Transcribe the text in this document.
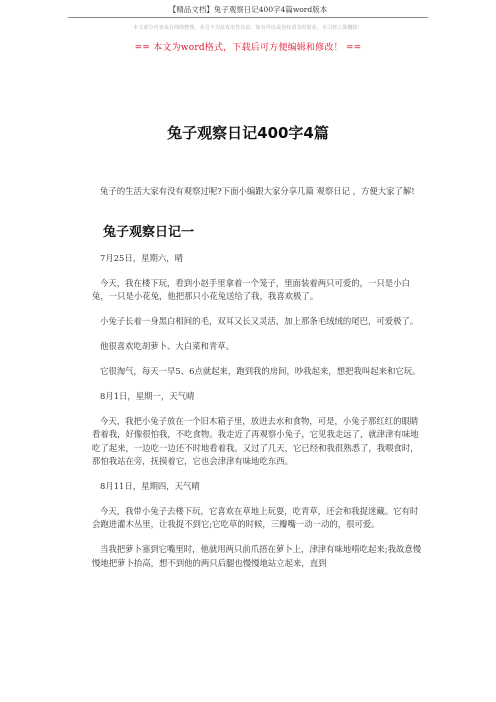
【精品文档】兔子观察日记400字4篇word版本
本文部分内容来自网络整理，本司不为其真实性负责，如有异议或侵权请及时联系，本司将立即删除！
== 本文为word格式，下载后可方便编辑和修改！ ==
兔子观察日记400字4篇
兔子的生活大家有没有观察过呢?下面小编跟大家分享几篇 观察日记 ，方便大家了解!
兔子观察日记一

7月25日，星期六，晴

今天，我在楼下玩，看到小赵手里拿着一个笼子，里面装着两只可爱的，一只是小白兔，一只是小花兔，他把那只小花兔送给了我，我喜欢极了。

小兔子长着一身黑白相间的毛，双耳又长又灵活，加上那条毛绒绒的尾巴，可爱极了。

他很喜欢吃胡萝卜、大白菜和青草。

它很淘气，每天一早5、6点就起来，跑到我的房间，吵我起来，想把我叫起来和它玩。

8月1日，星期一，天气晴

今天，我把小兔子放在一个旧木箱子里，放进去水和食物，可是，小兔子那红红的眼睛看着我，好像很怕我，不吃食物。我走近了再观察小兔子，它见我走远了，就津津有味地吃了起来，一边吃一边还不时地看着我。又过了几天，它已经和我很熟悉了，我喂食时，那怕我站在旁，抚摸着它，它也会津津有味地吃东西。

8月11日，星期四，天气晴

今天，我带小兔子去楼下玩，它喜欢在草地上玩耍，吃青草，还会和我捉迷藏。它有时会跑进灌木丛里，让我捉不到它;它吃草的时候，三瓣嘴一动一动的，很可爱。

当我把萝卜塞到它嘴里时，他就用两只前爪捂在萝卜上，津津有味地啃吃起来;我故意慢慢地把萝卜抬高，想不到他的两只后腿也慢慢地站立起来，直到
